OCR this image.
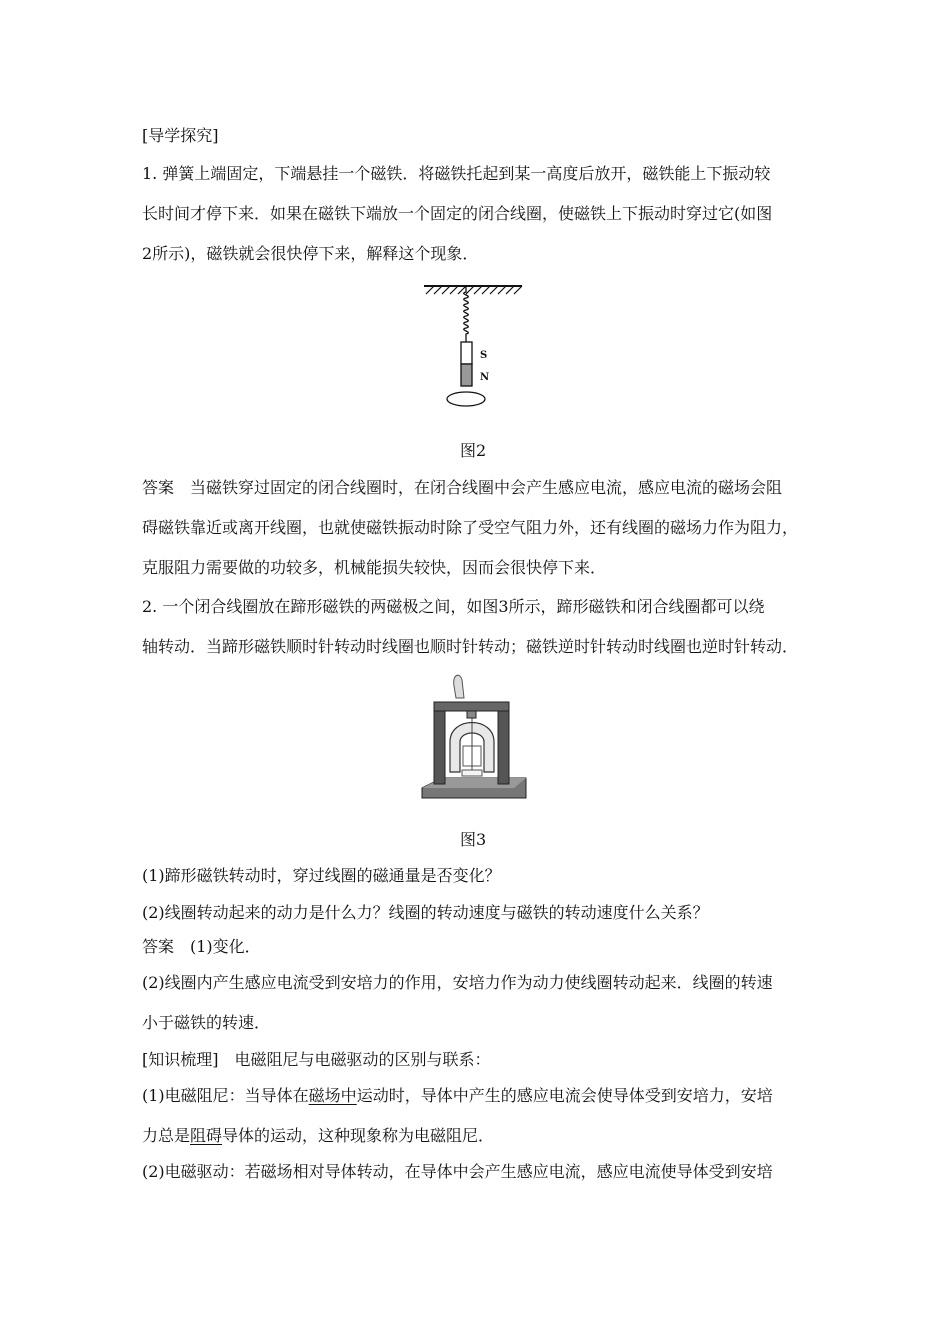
[导学探究]
1. 弹簧上端固定，下端悬挂一个磁铁．将磁铁托起到某一高度后放开，磁铁能上下振动较
长时间才停下来．如果在磁铁下端放一个固定的闭合线圈，使磁铁上下振动时穿过它(如图
2所示)，磁铁就会很快停下来，解释这个现象．
S
N
图2
答案　当磁铁穿过固定的闭合线圈时，在闭合线圈中会产生感应电流，感应电流的磁场会阻
碍磁铁靠近或离开线圈，也就使磁铁振动时除了受空气阻力外，还有线圈的磁场力作为阻力，
克服阻力需要做的功较多，机械能损失较快，因而会很快停下来．
2. 一个闭合线圈放在蹄形磁铁的两磁极之间，如图3所示，蹄形磁铁和闭合线圈都可以绕
轴转动．当蹄形磁铁顺时针转动时线圈也顺时针转动；磁铁逆时针转动时线圈也逆时针转动．
图3
(1)蹄形磁铁转动时，穿过线圈的磁通量是否变化？
(2)线圈转动起来的动力是什么力？线圈的转动速度与磁铁的转动速度什么关系？
答案　(1)变化．
(2)线圈内产生感应电流受到安培力的作用，安培力作为动力使线圈转动起来．线圈的转速
小于磁铁的转速．
[知识梳理]　电磁阻尼与电磁驱动的区别与联系：
(1)电磁阻尼：当导体在磁场中运动时，导体中产生的感应电流会使导体受到安培力，安培
力总是阻碍导体的运动，这种现象称为电磁阻尼．
(2)电磁驱动：若磁场相对导体转动，在导体中会产生感应电流，感应电流使导体受到安培
